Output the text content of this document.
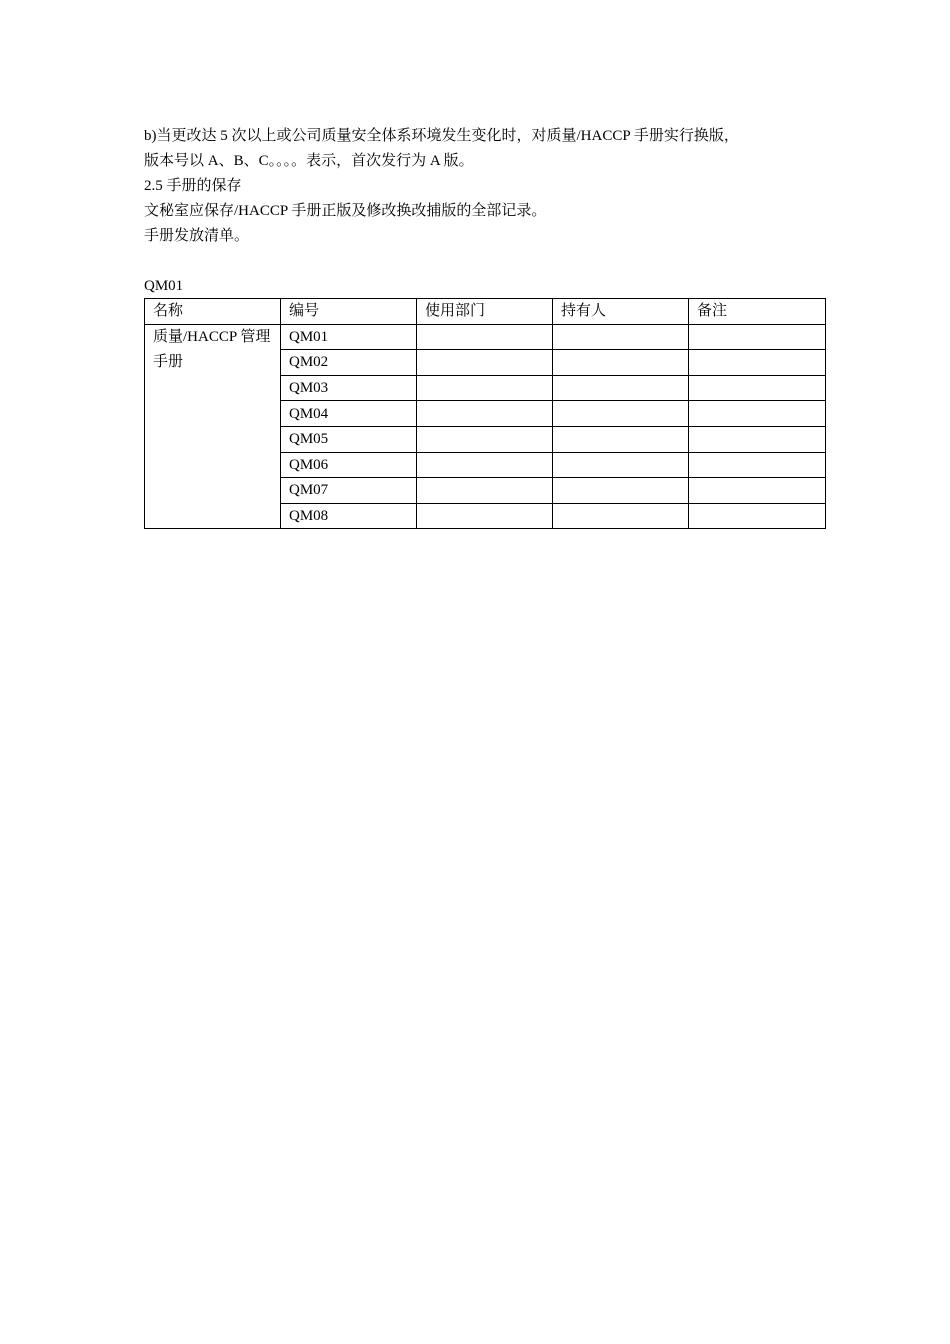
b)当更改达 5 次以上或公司质量安全体系环境发生变化时，对质量/HACCP 手册实行换版，

版本号以 A、B、C。。。。表示，首次发行为 A 版。

2.5 手册的保存

文秘室应保存/HACCP 手册正版及修改换改捕版的全部记录。

手册发放清单。

QM01

名称	编号	使用部门	持有人	备注
质量/HACCP 管理手册	QM01			
	QM02			
	QM03			
	QM04			
	QM05			
	QM06			
	QM07			
	QM08			
